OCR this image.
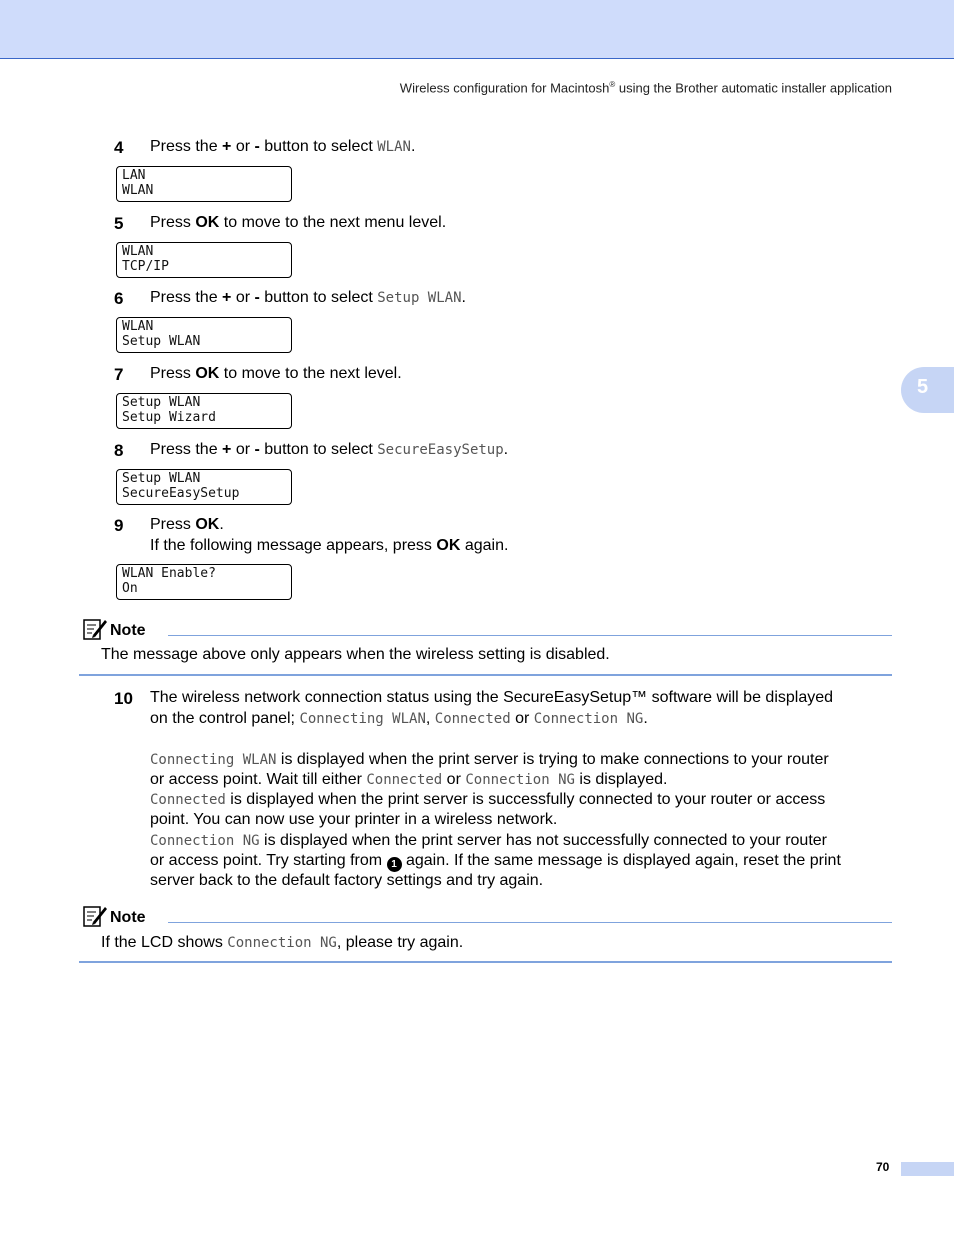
Wireless configuration for Macintosh® using the Brother automatic installer application
5
4 Press the + or - button to select WLAN.
LAN
WLAN
5 Press OK to move to the next menu level.
WLAN
TCP/IP
6 Press the + or - button to select Setup WLAN.
WLAN
Setup WLAN
7 Press OK to move to the next level.
Setup WLAN
Setup Wizard
8 Press the + or - button to select SecureEasySetup.
Setup WLAN
SecureEasySetup
9 Press OK.
If the following message appears, press OK again.
WLAN Enable?
On
Note
The message above only appears when the wireless setting is disabled.
10 The wireless network connection status using the SecureEasySetup™ software will be displayed
on the control panel; Connecting WLAN, Connected or Connection NG.
Connecting WLAN is displayed when the print server is trying to make connections to your router
or access point. Wait till either Connected or Connection NG is displayed.
Connected is displayed when the print server is successfully connected to your router or access
point. You can now use your printer in a wireless network.
Connection NG is displayed when the print server has not successfully connected to your router
or access point. Try starting from 1 again. If the same message is displayed again, reset the print
server back to the default factory settings and try again.
Note
If the LCD shows Connection NG, please try again.
70
